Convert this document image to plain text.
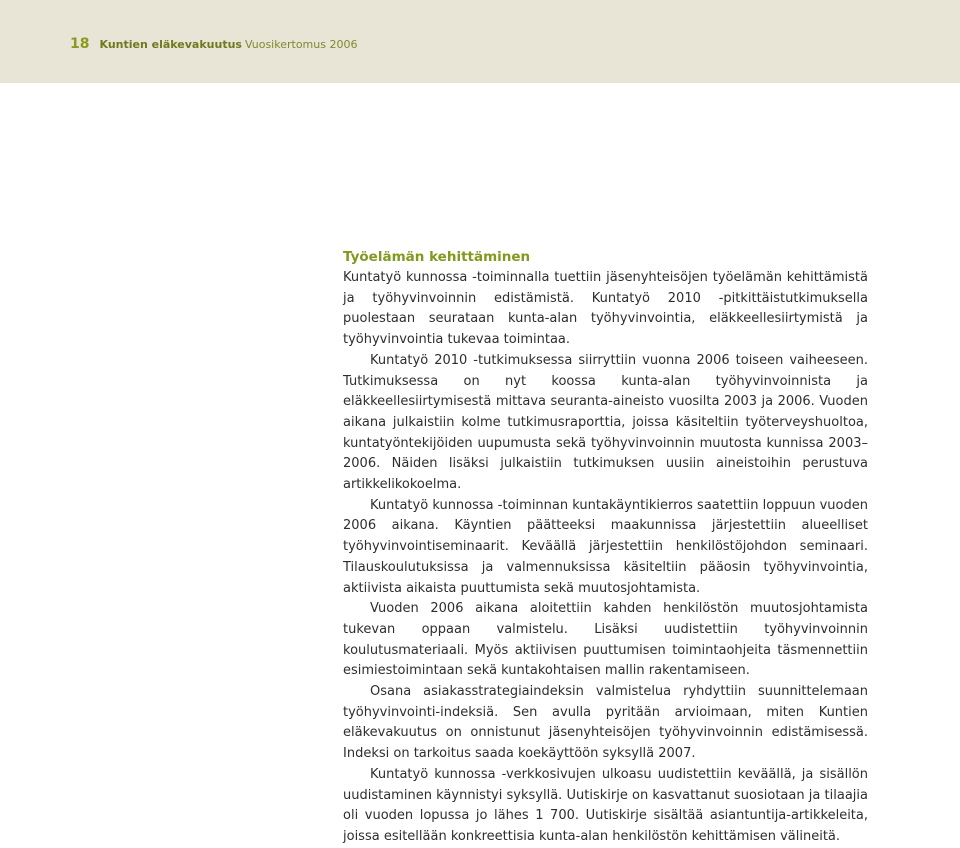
18 Kuntien eläkevakuutus Vuosikertomus 2006
Työelämän kehittäminen

Kuntatyö kunnossa -toiminnalla tuettiin jäsenyhteisöjen työelämän kehittämistä ja työhyvinvoinnin edistämistä. Kuntatyö 2010 -pitkittäistutkimuksella puolestaan seurataan kunta-alan työhyvinvointia, eläkkeellesiirtymistä ja työhyvinvointia tukevaa toimintaa.

Kuntatyö 2010 -tutkimuksessa siirryttiin vuonna 2006 toiseen vaiheeseen. Tutkimuksessa on nyt koossa kunta-alan työhyvinvoinnista ja eläkkeellesiirtymisestä mittava seuranta-aineisto vuosilta 2003 ja 2006. Vuoden aikana julkaistiin kolme tutkimusraporttia, joissa käsiteltiin työterveyshuoltoa, kuntatyöntekijöiden uupumusta sekä työhyvinvoinnin muutosta kunnissa 2003–2006. Näiden lisäksi julkaistiin tutkimuksen uusiin aineistoihin perustuva artikkelikokoelma.

Kuntatyö kunnossa -toiminnan kuntakäyntikierros saatettiin loppuun vuoden 2006 aikana. Käyntien päätteeksi maakunnissa järjestettiin alueelliset työhyvinvointiseminaarit. Keväällä järjestettiin henkilöstöjohdon seminaari. Tilauskoulutuksissa ja valmennuksissa käsiteltiin pääosin työhyvinvointia, aktiivista aikaista puuttumista sekä muutosjohtamista.

Vuoden 2006 aikana aloitettiin kahden henkilöstön muutosjohtamista tukevan oppaan valmistelu. Lisäksi uudistettiin työhyvinvoinnin koulutusmateriaali. Myös aktiivisen puuttumisen toimintaohjeita täsmennettiin esimiestoimintaan sekä kuntakohtaisen mallin rakentamiseen.

Osana asiakasstrategiaindeksin valmistelua ryhdyttiin suunnittelemaan työhyvinvointi-indeksiä. Sen avulla pyritään arvioimaan, miten Kuntien eläkevakuutus on onnistunut jäsenyhteisöjen työhyvinvoinnin edistämisessä. Indeksi on tarkoitus saada koekäyttöön syksyllä 2007.

Kuntatyö kunnossa -verkkosivujen ulkoasu uudistettiin keväällä, ja sisällön uudistaminen käynnistyi syksyllä. Uutiskirje on kasvattanut suosiotaan ja tilaajia oli vuoden lopussa jo lähes 1 700. Uutiskirje sisältää asiantuntija-artikkeleita, joissa esitellään konkreettisia kunta-alan henkilöstön kehittämisen välineitä.
